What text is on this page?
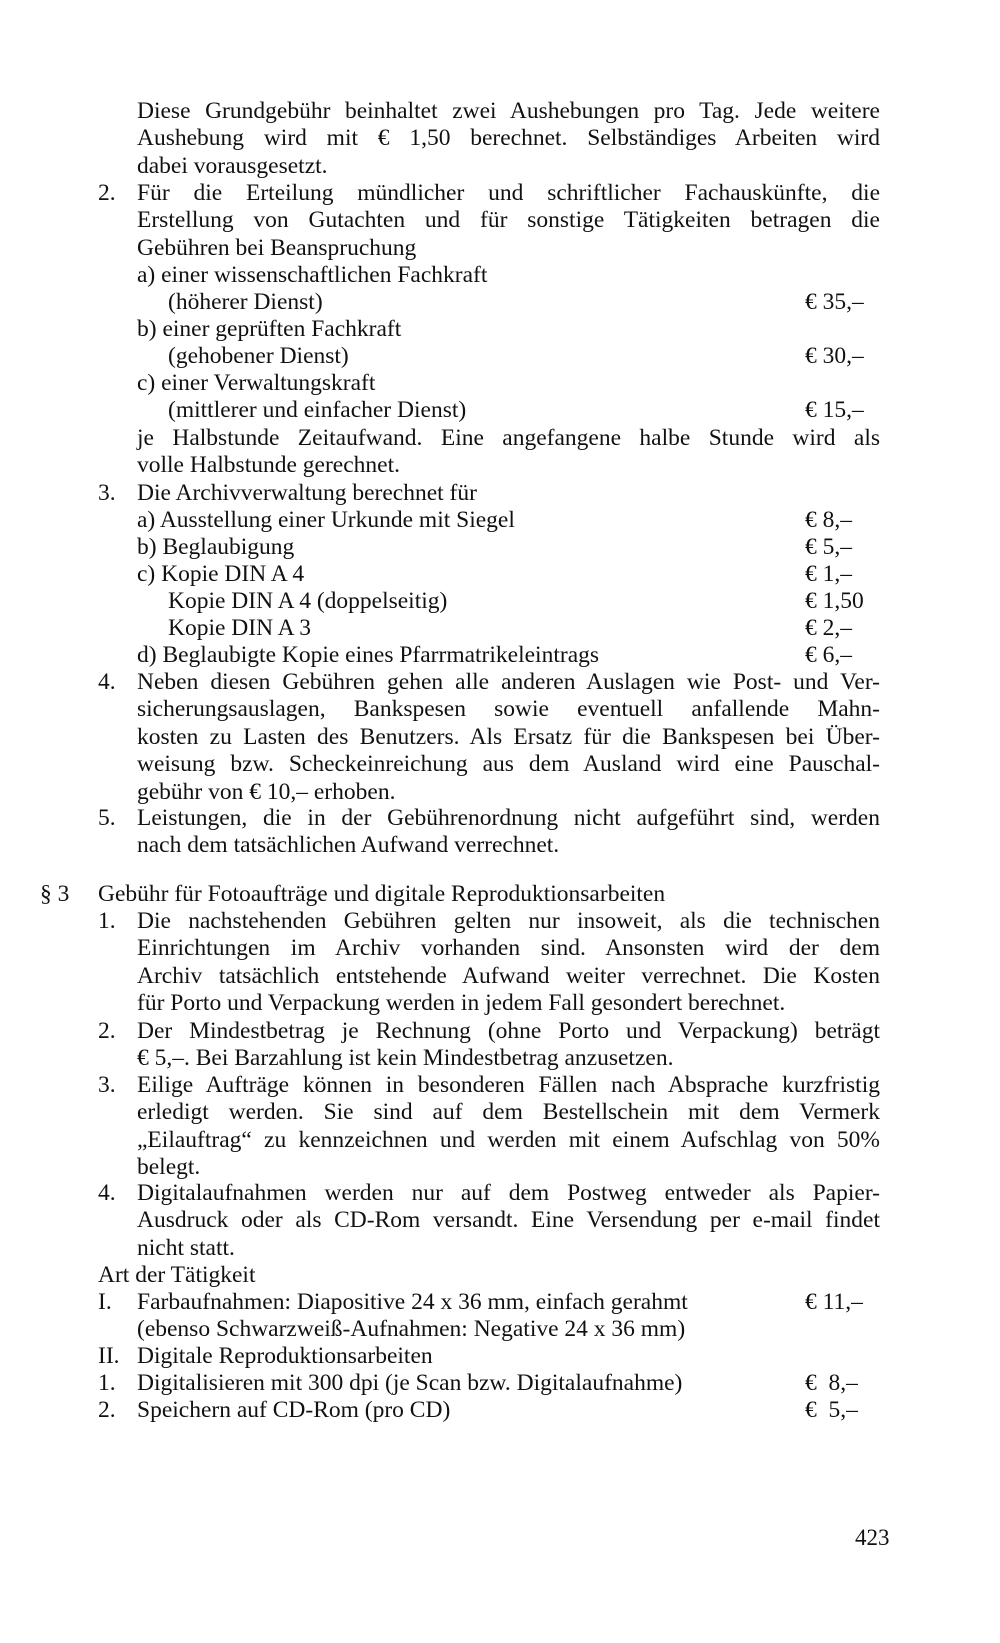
Diese Grundgebühr beinhaltet zwei Aushebungen pro Tag. Jede weitere
Aushebung wird mit € 1,50 berechnet. Selbständiges Arbeiten wird
dabei vorausgesetzt.
2. Für die Erteilung mündlicher und schriftlicher Fachauskünfte, die
Erstellung von Gutachten und für sonstige Tätigkeiten betragen die
Gebühren bei Beanspruchung
a) einer wissenschaftlichen Fachkraft
(höherer Dienst)	€ 35,–
b) einer geprüften Fachkraft
(gehobener Dienst)	€ 30,–
c) einer Verwaltungskraft
(mittlerer und einfacher Dienst)	€ 15,–
je Halbstunde Zeitaufwand. Eine angefangene halbe Stunde wird als
volle Halbstunde gerechnet.
3. Die Archivverwaltung berechnet für
a) Ausstellung einer Urkunde mit Siegel	€ 8,–
b) Beglaubigung	€ 5,–
c) Kopie DIN A 4	€ 1,–
Kopie DIN A 4 (doppelseitig)	€ 1,50
Kopie DIN A 3	€ 2,–
d) Beglaubigte Kopie eines Pfarrmatrikeleintrags	€ 6,–
4. Neben diesen Gebühren gehen alle anderen Auslagen wie Post- und Ver-
sicherungsauslagen, Bankspesen sowie eventuell anfallende Mahn-
kosten zu Lasten des Benutzers. Als Ersatz für die Bankspesen bei Über-
weisung bzw. Scheckeinreichung aus dem Ausland wird eine Pauschal-
gebühr von € 10,– erhoben.
5. Leistungen, die in der Gebührenordnung nicht aufgeführt sind, werden
nach dem tatsächlichen Aufwand verrechnet.
§ 3 Gebühr für Fotoaufträge und digitale Reproduktionsarbeiten
1. Die nachstehenden Gebühren gelten nur insoweit, als die technischen
Einrichtungen im Archiv vorhanden sind. Ansonsten wird der dem
Archiv tatsächlich entstehende Aufwand weiter verrechnet. Die Kosten
für Porto und Verpackung werden in jedem Fall gesondert berechnet.
2. Der Mindestbetrag je Rechnung (ohne Porto und Verpackung) beträgt
€ 5,–. Bei Barzahlung ist kein Mindestbetrag anzusetzen.
3. Eilige Aufträge können in besonderen Fällen nach Absprache kurzfristig
erledigt werden. Sie sind auf dem Bestellschein mit dem Vermerk
„Eilauftrag“ zu kennzeichnen und werden mit einem Aufschlag von 50%
belegt.
4. Digitalaufnahmen werden nur auf dem Postweg entweder als Papier-
Ausdruck oder als CD-Rom versandt. Eine Versendung per e-mail findet
nicht statt.
Art der Tätigkeit
I. Farbaufnahmen: Diapositive 24 x 36 mm, einfach gerahmt	€ 11,–
(ebenso Schwarzweiß-Aufnahmen: Negative 24 x 36 mm)
II. Digitale Reproduktionsarbeiten
1. Digitalisieren mit 300 dpi (je Scan bzw. Digitalaufnahme)	€  8,–
2. Speichern auf CD-Rom (pro CD)	€  5,–
423
